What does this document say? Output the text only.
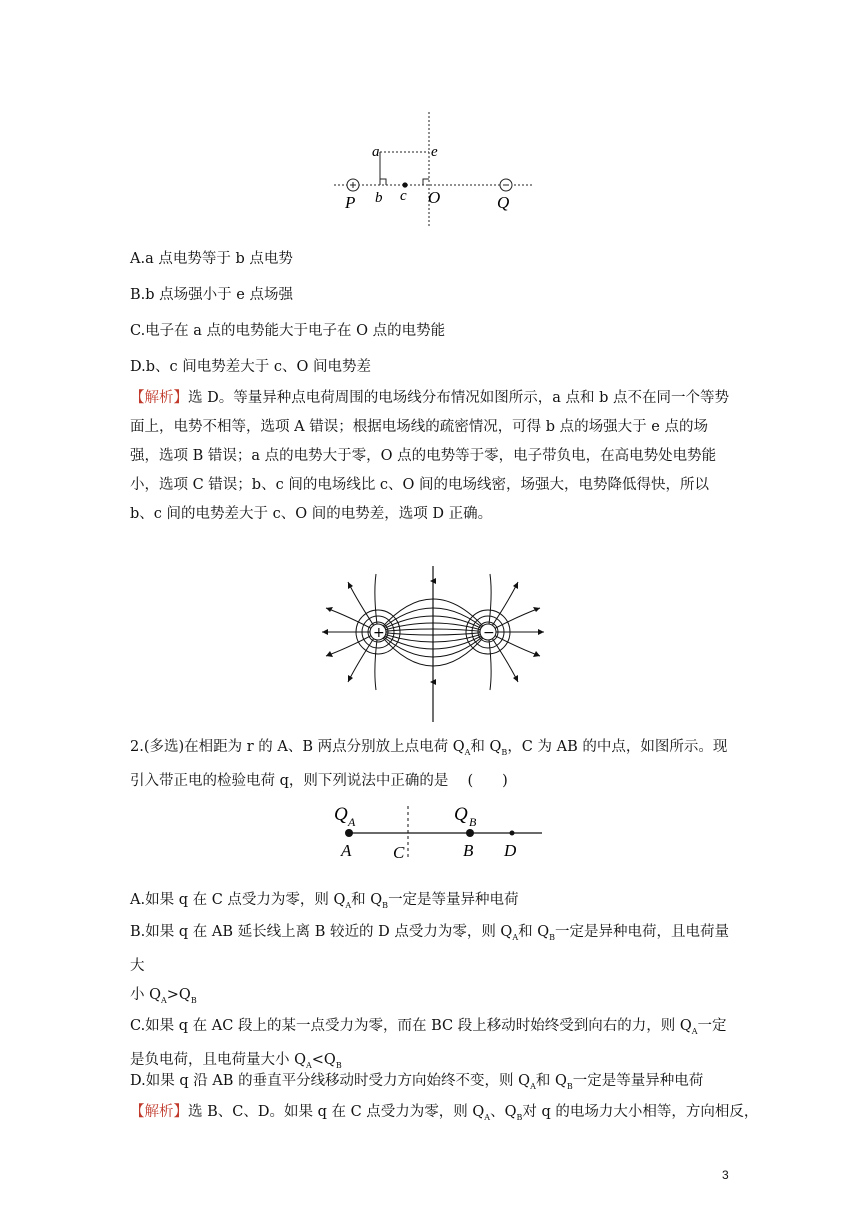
a	e
P b c O	Q
A.a 点电势等于 b 点电势
B.b 点场强小于 e 点场强
C.电子在 a 点的电势能大于电子在 O 点的电势能
D.b、c 间电势差大于 c、O 间电势差
【解析】选 D。等量异种点电荷周围的电场线分布情况如图所示，a 点和 b 点不在同一个等势面上，电势不相等，选项 A 错误；根据电场线的疏密情况，可得 b 点的场强大于 e 点的场强，选项 B 错误；a 点的电势大于零，O 点的电势等于零，电子带负电，在高电势处电势能小，选项 C 错误；b、c 间的电场线比 c、O 间的电场线密，场强大，电势降低得快，所以 b、c 间的电势差大于 c、O 间的电势差，选项 D 正确。
+	−
2.(多选)在相距为 r 的 A、B 两点分别放上点电荷 $Q_A$和 $Q_B$，C 为 AB 的中点，如图所示。现引入带正电的检验电荷 q，则下列说法中正确的是　 (　　)
Q A	Q B
A C	B D
A.如果 q 在 C 点受力为零，则 $Q_A$和 $Q_B$一定是等量异种电荷
B.如果 q 在 AB 延长线上离 B 较近的 D 点受力为零，则 $Q_A$和 $Q_B$一定是异种电荷，且电荷量大
小 $Q_A>Q_B$
C.如果 q 在 AC 段上的某一点受力为零，而在 BC 段上移动时始终受到向右的力，则 $Q_A$一定
是负电荷，且电荷量大小 $Q_A<Q_B$
D.如果 q 沿 AB 的垂直平分线移动时受力方向始终不变，则 $Q_A$和 $Q_B$一定是等量异种电荷
【解析】选 B、C、D。如果 q 在 C 点受力为零，则 $Q_A$、$Q_B$对 q 的电场力大小相等，方向相反，
3
